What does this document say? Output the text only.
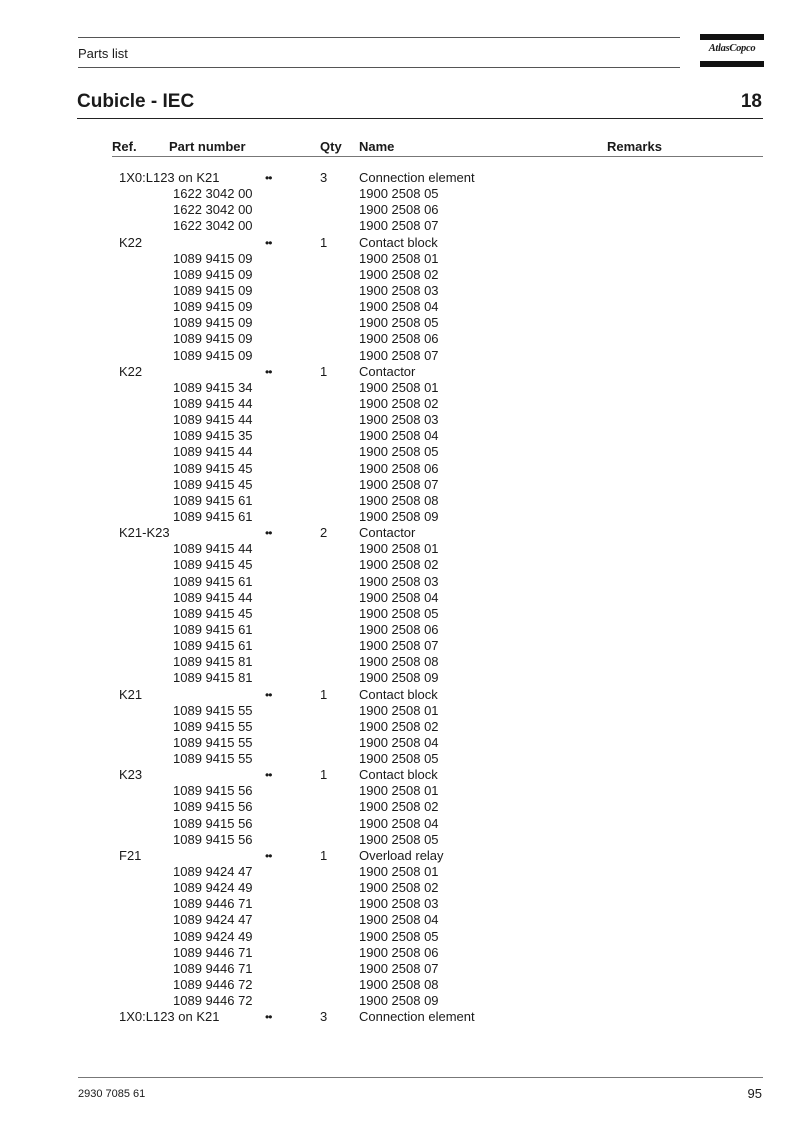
Parts list	AtlasCopco
Cubicle - IEC	18
Ref. Part number	Qty Name	Remarks
1X0:L123 on K21	••	3 Connection element
1622 3042 00	1900 2508 05
1622 3042 00	1900 2508 06
1622 3042 00	1900 2508 07
K22	••	1 Contact block
1089 9415 09	1900 2508 01
1089 9415 09	1900 2508 02
1089 9415 09	1900 2508 03
1089 9415 09	1900 2508 04
1089 9415 09	1900 2508 05
1089 9415 09	1900 2508 06
1089 9415 09	1900 2508 07
K22	••	1 Contactor
1089 9415 34	1900 2508 01
1089 9415 44	1900 2508 02
1089 9415 44	1900 2508 03
1089 9415 35	1900 2508 04
1089 9415 44	1900 2508 05
1089 9415 45	1900 2508 06
1089 9415 45	1900 2508 07
1089 9415 61	1900 2508 08
1089 9415 61	1900 2508 09
K21-K23	••	2 Contactor
1089 9415 44	1900 2508 01
1089 9415 45	1900 2508 02
1089 9415 61	1900 2508 03
1089 9415 44	1900 2508 04
1089 9415 45	1900 2508 05
1089 9415 61	1900 2508 06
1089 9415 61	1900 2508 07
1089 9415 81	1900 2508 08
1089 9415 81	1900 2508 09
K21	••	1 Contact block
1089 9415 55	1900 2508 01
1089 9415 55	1900 2508 02
1089 9415 55	1900 2508 04
1089 9415 55	1900 2508 05
K23	••	1 Contact block
1089 9415 56	1900 2508 01
1089 9415 56	1900 2508 02
1089 9415 56	1900 2508 04
1089 9415 56	1900 2508 05
F21	••	1 Overload relay
1089 9424 47	1900 2508 01
1089 9424 49	1900 2508 02
1089 9446 71	1900 2508 03
1089 9424 47	1900 2508 04
1089 9424 49	1900 2508 05
1089 9446 71	1900 2508 06
1089 9446 71	1900 2508 07
1089 9446 72	1900 2508 08
1089 9446 72	1900 2508 09
1X0:L123 on K21	••	3 Connection element
2930 7085 61	95
